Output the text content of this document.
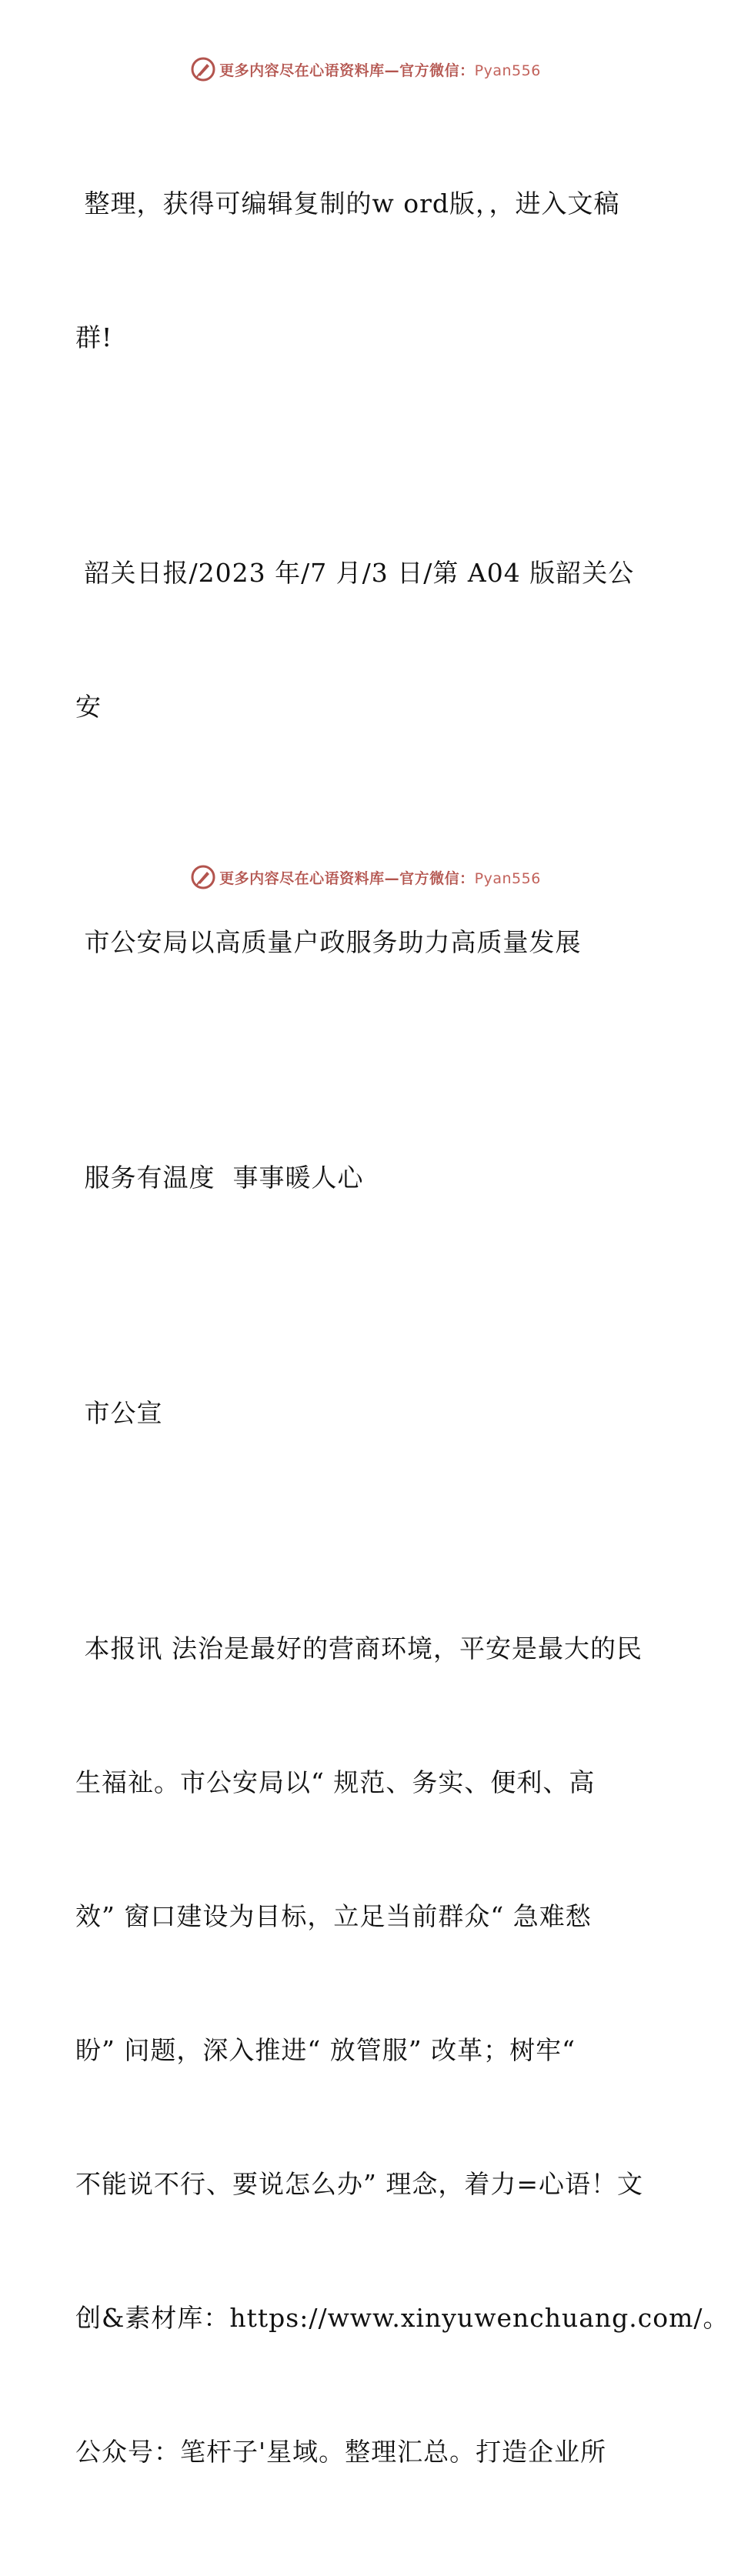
更多内容尽在心语资料库—官方微信：Pyan556

整理，获得可编辑复制的w ord版，，进入文稿

群!

韶关日报/2023 年/7 月/3 日/第 A04 版韶关公

安

市公安局以高质量户政服务助力高质量发展

服务有温度  事事暖人心

市公宣

本报讯 法治是最好的营商环境，平安是最大的民

生福祉。市公安局以“ 规范、务实、便利、高

效” 窗口建设为目标，立足当前群众“ 急难愁

盼” 问题，深入推进“ 放管服” 改革；树牢“

不能说不行、要说怎么办” 理念，着力=心语！文

创&素材库：https://www.xinyuwenchuang.com/。

公众号：笔杆子'星域。整理汇总。打造企业所

更多内容尽在心语资料库—官方微信：Pyan556
